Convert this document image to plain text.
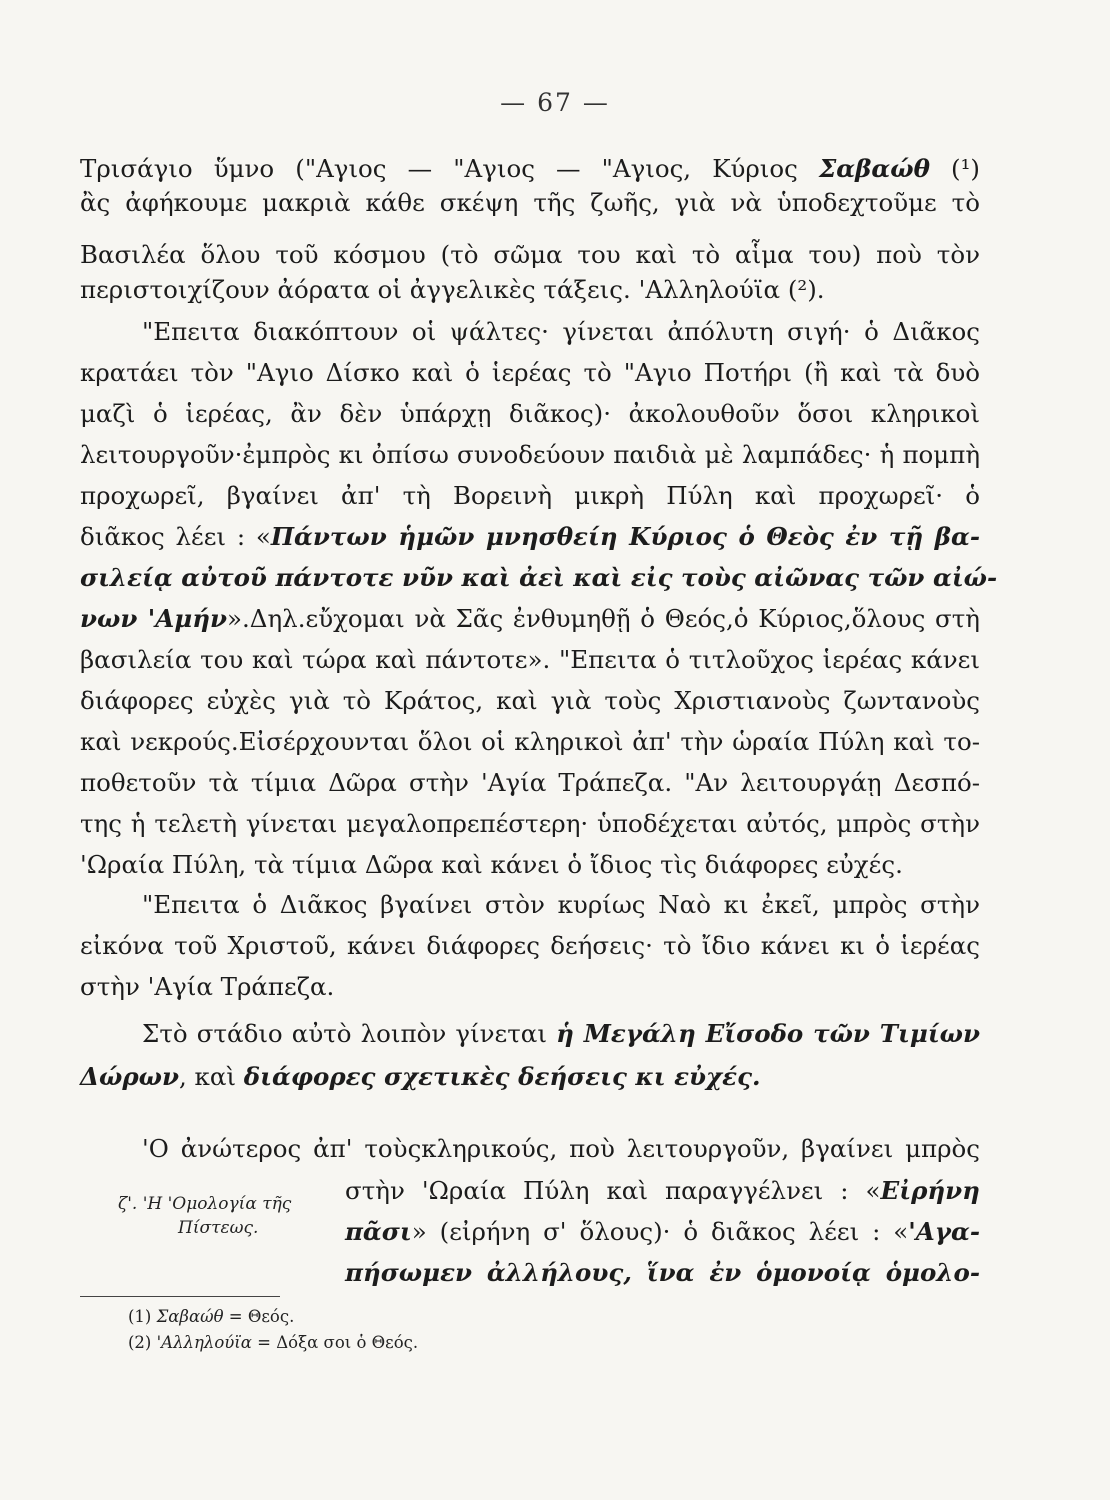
— 67 —
Τρισάγιο ὕμνο ("Αγιος — "Αγιος — "Αγιος, Κύριος Σαβαώθ (¹)
ἂς ἀφήκουμε μακριὰ κάθε σκέψη τῆς ζωῆς, γιὰ νὰ ὑποδεχτοῦμε τὸ
Βασιλέα ὅλου τοῦ κόσμου (τὸ σῶμα του καὶ τὸ αἷμα του) ποὺ τὸν
περιστοιχίζουν ἀόρατα οἱ ἀγγελικὲς τάξεις. 'Αλληλούϊα (²).
"Επειτα διακόπτουν οἱ ψάλτες· γίνεται ἀπόλυτη σιγή· ὁ Διᾶκος
κρατάει τὸν "Αγιο Δίσκο καὶ ὁ ἱερέας τὸ "Αγιο Ποτήρι (ἢ καὶ τὰ δυὸ
μαζὶ ὁ ἱερέας, ἂν δὲν ὑπάρχῃ διᾶκος)· ἀκολουθοῦν ὅσοι κληρικοὶ
λειτουργοῦν·ἐμπρὸς κι ὀπίσω συνοδεύουν παιδιὰ μὲ λαμπάδες· ἡ πομπὴ
προχωρεῖ, βγαίνει ἀπ' τὴ Βορεινὴ μικρὴ Πύλη καὶ προχωρεῖ· ὁ
διᾶκος λέει : «Πάντων ἡμῶν μνησθείη Κύριος ὁ Θεὸς ἐν τῇ βα-
σιλείᾳ αὐτοῦ πάντοτε νῦν καὶ ἀεὶ καὶ εἰς τοὺς αἰῶνας τῶν αἰώ-
νων 'Αμήν».Δηλ.εὔχομαι νὰ Σᾶς ἐνθυμηθῇ ὁ Θεός,ὁ Κύριος,ὅλους στὴ
βασιλεία του καὶ τώρα καὶ πάντοτε». "Επειτα ὁ τιτλοῦχος ἱερέας κάνει
διάφορες εὐχὲς γιὰ τὸ Κράτος, καὶ γιὰ τοὺς Χριστιανοὺς ζωντανοὺς
καὶ νεκρούς.Εἰσέρχουνται ὅλοι οἱ κληρικοὶ ἀπ' τὴν ὡραία Πύλη καὶ το-
ποθετοῦν τὰ τίμια Δῶρα στὴν 'Αγία Τράπεζα. "Αν λειτουργάῃ Δεσπό-
της ἡ τελετὴ γίνεται μεγαλοπρεπέστερη· ὑποδέχεται αὐτός, μπρὸς στὴν
'Ωραία Πύλη, τὰ τίμια Δῶρα καὶ κάνει ὁ ἴδιος τὶς διάφορες εὐχές.
"Επειτα ὁ Διᾶκος βγαίνει στὸν κυρίως Ναὸ κι ἐκεῖ, μπρὸς στὴν
εἰκόνα τοῦ Χριστοῦ, κάνει διάφορες δεήσεις· τὸ ἴδιο κάνει κι ὁ ἱερέας
στὴν 'Αγία Τράπεζα.
Στὸ στάδιο αὐτὸ λοιπὸν γίνεται ἡ Μεγάλη Εἴσοδο τῶν Τιμίων
Δώρων, καὶ διάφορες σχετικὲς δεήσεις κι εὐχές.
'Ο ἀνώτερος ἀπ' τοὺςκληρικούς, ποὺ λειτουργοῦν, βγαίνει μπρὸς
στὴν 'Ωραία Πύλη καὶ παραγγέλνει : «Εἰρήνη
πᾶσι» (εἰρήνη σ' ὅλους)· ὁ διᾶκος λέει : «'Αγα-
πήσωμεν ἀλλήλους, ἵνα ἐν ὁμονοίᾳ ὁμολο-
ζ'. 'Η 'Ομολογία τῆς
Πίστεως.
(1) Σαβαώθ = Θεός.
(2) 'Αλληλούϊα = Δόξα σοι ὁ Θεός.
